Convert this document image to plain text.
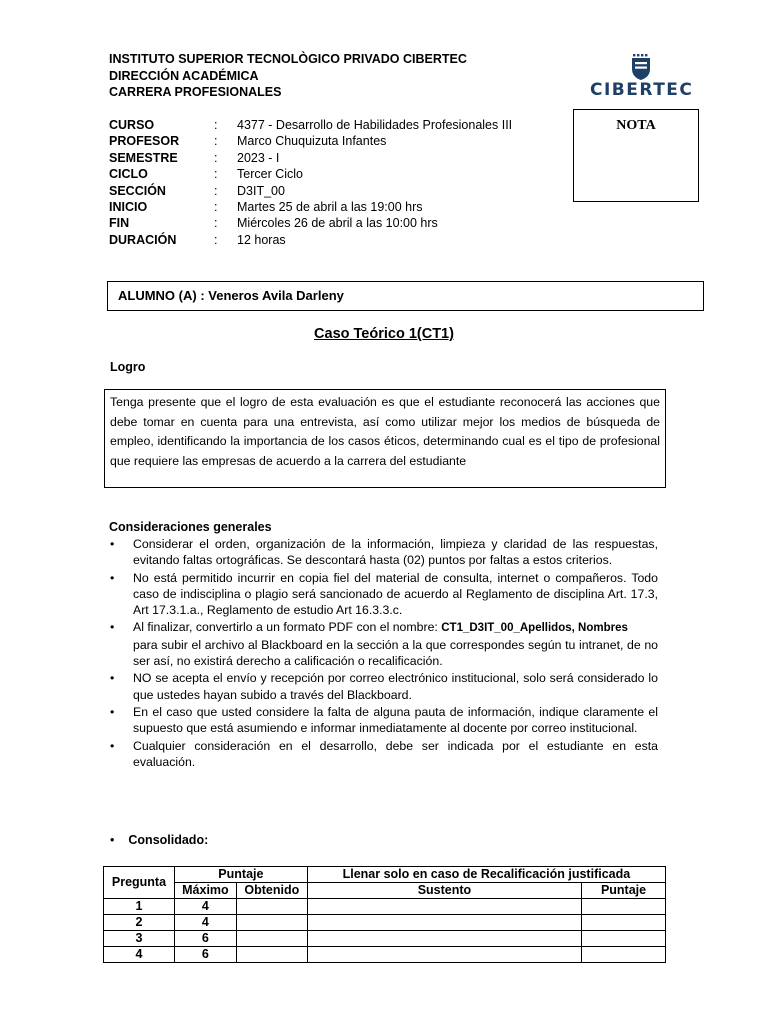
INSTITUTO SUPERIOR TECNOLÒGICO PRIVADO CIBERTEC
DIRECCIÓN ACADÉMICA
CARRERA PROFESIONALES	CIBERTEC
NOTA
CURSO	: 4377 - Desarrollo de Habilidades Profesionales III
PROFESOR	: Marco Chuquizuta Infantes
SEMESTRE	: 2023 - I
CICLO	: Tercer Ciclo
SECCIÓN	: D3IT_00
INICIO	: Martes 25 de abril a las 19:00 hrs
FIN	: Miércoles 26 de abril a las 10:00 hrs
DURACIÓN	: 12 horas
ALUMNO (A) : Veneros Avila Darleny
Caso Teórico 1(CT1)
Logro
Tenga presente que el logro de esta evaluación es que el estudiante reconocerá las acciones que debe tomar en cuenta para una entrevista, así como utilizar mejor los medios de búsqueda de empleo, identificando la importancia de los casos éticos, determinando cual es el tipo de profesional que requiere las empresas de acuerdo a la carrera del estudiante
Consideraciones generales
• Considerar el orden, organización de la información, limpieza y claridad de las respuestas, evitando faltas ortográficas. Se descontará hasta (02) puntos por faltas a estos criterios.
• No está permitido incurrir en copia fiel del material de consulta, internet o compañeros. Todo caso de indisciplina o plagio será sancionado de acuerdo al Reglamento de disciplina Art. 17.3, Art 17.3.1.a., Reglamento de estudio Art 16.3.3.c.
• Al finalizar, convertirlo a un formato PDF con el nombre: CT1_D3IT_00_Apellidos, Nombres
para subir el archivo al Blackboard en la sección a la que correspondes según tu intranet, de no ser así, no existirá derecho a calificación o recalificación.
• NO se acepta el envío y recepción por correo electrónico institucional, solo será considerado lo que ustedes hayan subido a través del Blackboard.
• En el caso que usted considere la falta de alguna pauta de información, indique claramente el supuesto que está asumiendo e informar inmediatamente al docente por correo institucional.
• Cualquier consideración en el desarrollo, debe ser indicada por el estudiante en esta evaluación.
• Consolidado:
Pregunta	Puntaje		Llenar solo en caso de Recalificación justificada	
	Máximo	Obtenido	Sustento	Puntaje
1	4			
2	4			
3	6			
4	6			
